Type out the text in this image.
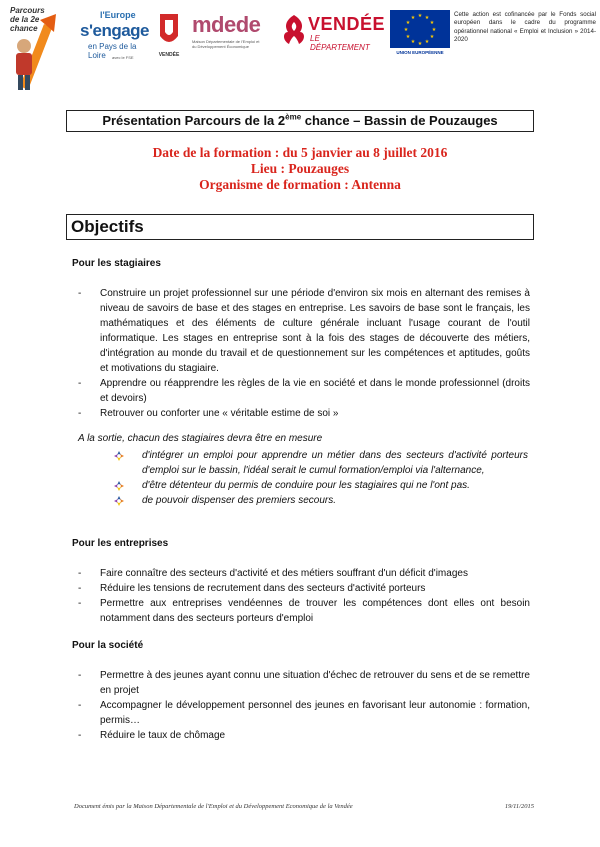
Parcours
de la 2e chance
l'Europe
s'engage
en Pays de la Loire	avec le FSE	VENDÉE
mdede
Maison Départementale de l'Emploi et du Développement Économique
VENDÉE
LE DÉPARTEMENT
★ ★
★
★
★
★
★
★
★
★
★
★
UNION EUROPÉENNE
Cette action est cofinancée par le Fonds social européen dans le cadre du programme opérationnel national « Emploi et Inclusion » 2014-2020
Présentation Parcours de la 2ème chance – Bassin de Pouzauges
Date de la formation : du 5 janvier au 8 juillet 2016
Lieu : Pouzauges
Organisme de formation : Antenna
Objectifs
Pour les stagiaires
- Construire un projet professionnel sur une période d'environ six mois en alternant des remises à niveau de savoirs de base et des stages en entreprise. Les savoirs de base sont le français, les mathématiques et des éléments de culture générale incluant l'usage courant de l'outil informatique. Les stages en entreprise sont à la fois des stages de découverte des métiers, d'intégration au monde du travail et de questionnement sur les compétences et aptitudes, goûts et motivations du stagiaire.
- Apprendre ou réapprendre les règles de la vie en société et dans le monde professionnel (droits et devoirs)
- Retrouver ou conforter une « véritable estime de soi »
A la sortie, chacun des stagiaires devra être en mesure
d'intégrer un emploi pour apprendre un métier dans des secteurs d'activité porteurs d'emploi sur le bassin, l'idéal serait le cumul formation/emploi via l'alternance,
d'être détenteur du permis de conduire pour les stagiaires qui ne l'ont pas.
de pouvoir dispenser des premiers secours.
Pour les entreprises
- Faire connaître des secteurs d'activité et des métiers souffrant d'un déficit d'images
- Réduire les tensions de recrutement dans des secteurs d'activité porteurs
- Permettre aux entreprises vendéennes de trouver les compétences dont elles ont besoin notamment dans des secteurs porteurs d'emploi
Pour la société
- Permettre à des jeunes ayant connu une situation d'échec de retrouver du sens et de se remettre en projet
- Accompagner le développement personnel des jeunes en favorisant leur autonomie : formation, permis…
- Réduire le taux de chômage
Document émis par la Maison Départementale de l'Emploi et du Développement Economique de la Vendée	19/11/2015
